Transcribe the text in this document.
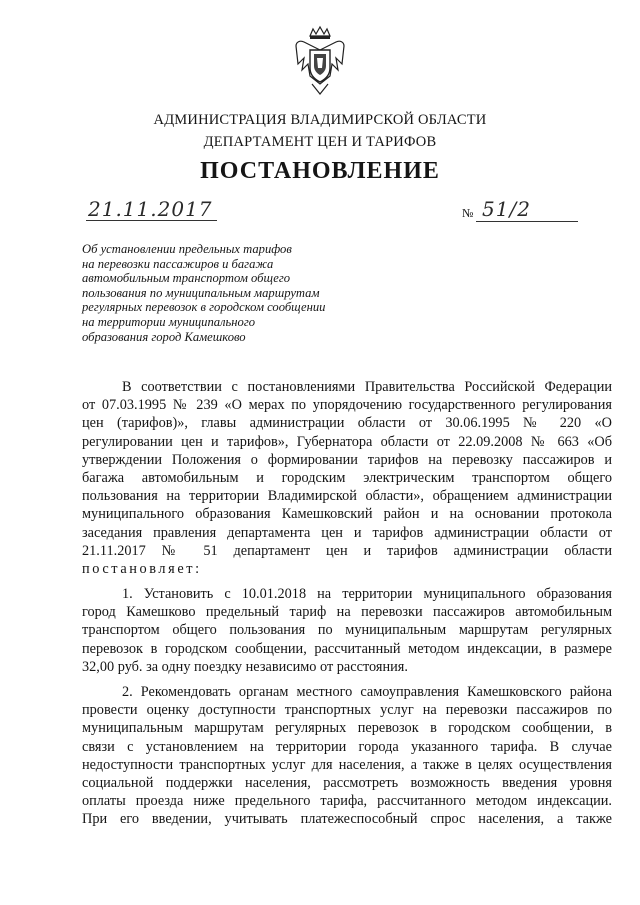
АДМИНИСТРАЦИЯ ВЛАДИМИРСКОЙ ОБЛАСТИ
ДЕПАРТАМЕНТ ЦЕН И ТАРИФОВ
ПОСТАНОВЛЕНИЕ
21.11.2017	№ 51/2
Об установлении предельных тарифов
на перевозки пассажиров и багажа
автомобильным транспортом общего
пользования по муниципальным маршрутам
регулярных перевозок в городском сообщении
на территории муниципального
образования город Камешково
В соответствии с постановлениями Правительства Российской Федерации
от 07.03.1995 № 239 «О мерах по упорядочению государственного регулирования
цен (тарифов)», главы администрации области от 30.06.1995 № 220 «О
регулировании цен и тарифов», Губернатора области от 22.09.2008 № 663 «Об
утверждении Положения о формировании тарифов на перевозку пассажиров и
багажа автомобильным и городским электрическим транспортом общего
пользования на территории Владимирской области», обращением администрации
муниципального образования Камешковский район и на основании протокола
заседания правления департамента цен и тарифов администрации области от
21.11.2017 № 51 департамент цен и тарифов администрации области
постановляет:
1. Установить с 10.01.2018 на территории муниципального образования
город Камешково предельный тариф на перевозки пассажиров автомобильным
транспортом общего пользования по муниципальным маршрутам регулярных
перевозок в городском сообщении, рассчитанный методом индексации, в размере
32,00 руб. за одну поездку независимо от расстояния.
2. Рекомендовать органам местного самоуправления Камешковского района
провести оценку доступности транспортных услуг на перевозки пассажиров по
муниципальным маршрутам регулярных перевозок в городском сообщении, в
связи с установлением на территории города указанного тарифа. В случае
недоступности транспортных услуг для населения, а также в целях осуществления
социальной поддержки населения, рассмотреть возможность введения уровня
оплаты проезда ниже предельного тарифа, рассчитанного методом индексации.
При его введении, учитывать платежеспособный спрос населения, а также
